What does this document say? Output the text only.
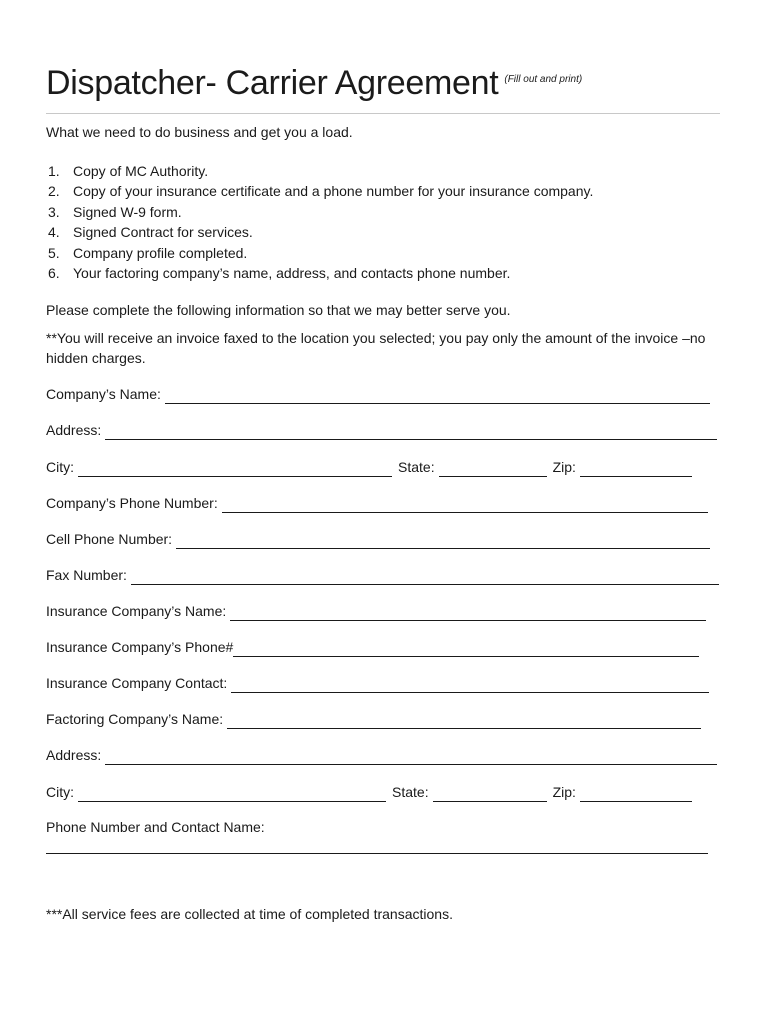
Dispatcher- Carrier Agreement $^{(Fill out and print)}$
What we need to do business and get you a load.
1. Copy of MC Authority.
2. Copy of your insurance certificate and a phone number for your insurance company.
3. Signed W-9 form.
4. Signed Contract for services.
5. Company profile completed.
6. Your factoring company’s name, address, and contacts phone number.
Please complete the following information so that we may better serve you.
**You will receive an invoice faxed to the location you selected; you pay only the amount of the invoice –no hidden charges.
Company’s Name:
Address:
City:	State:	Zip:
Company’s Phone Number:
Cell Phone Number:
Fax Number:
Insurance Company’s Name:
Insurance Company’s Phone#
Insurance Company Contact:
Factoring Company’s Name:
Address:
City:	State:	Zip:
Phone Number and Contact Name:
***All service fees are collected at time of completed transactions.
